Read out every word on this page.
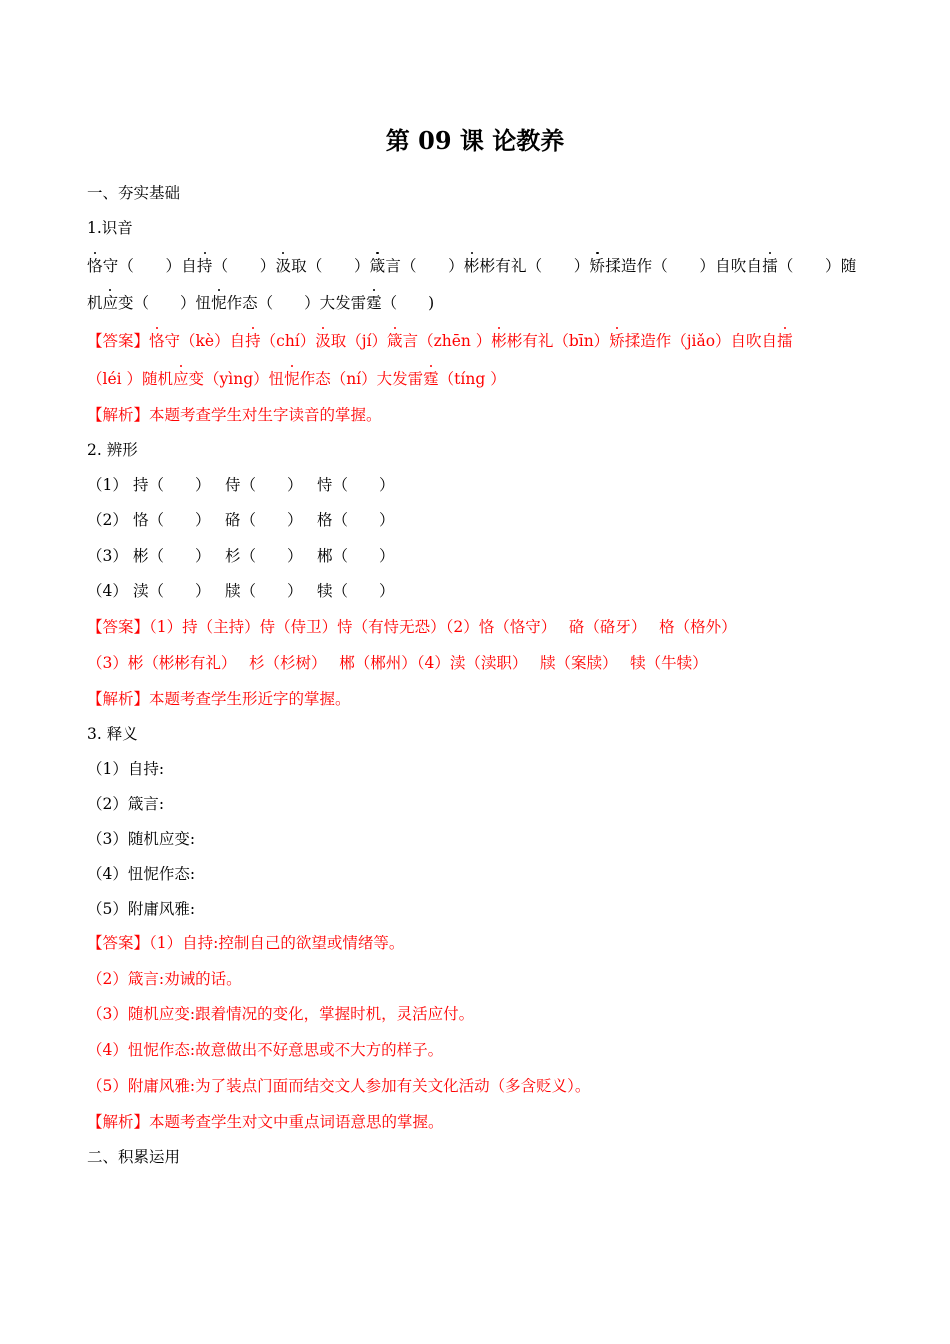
第 09 课 论教养
一、夯实基础
1.识音
恪守（　　）自持（　　）汲取（　　）箴言（　　）彬彬有礼（　　）矫揉造作（　　）自吹自擂（　　）随
机应变（　　）忸怩作态（　　）大发雷霆（　　)
【答案】恪守（kè）自持（chí）汲取（jí）箴言（zhēn ）彬彬有礼（bīn）矫揉造作（jiǎo）自吹自擂
（léi ）随机应变（yìng）忸怩作态（ní）大发雷霆（tíng ）
【解析】本题考查学生对生字读音的掌握。
2. 辨形
（1） 持（　　） 侍（　　） 恃（　　）
（2） 恪（　　） 硌（　　） 格（　　）
（3） 彬（　　） 杉（　　） 郴（　　）
（4） 渎（　　） 牍（　　） 犊（　　）
【答案】（1）持（主持）侍（侍卫）恃（有恃无恐）（2）恪（恪守）　 硌（硌牙）　 格（格外）
（3）彬（彬彬有礼）　 杉（杉树）　 郴（郴州）（4）渎（渎职）　 牍（案牍）　 犊（牛犊）
【解析】本题考查学生形近字的掌握。
3. 释义
（1）自持:
（2）箴言:
（3）随机应变:
（4）忸怩作态:
（5）附庸风雅:
【答案】（1）自持:控制自己的欲望或情绪等。
（2）箴言:劝诫的话。
（3）随机应变:跟着情况的变化，掌握时机，灵活应付。
（4）忸怩作态:故意做出不好意思或不大方的样子。
（5）附庸风雅:为了装点门面而结交文人参加有关文化活动（多含贬义）。
【解析】本题考查学生对文中重点词语意思的掌握。
二、积累运用
